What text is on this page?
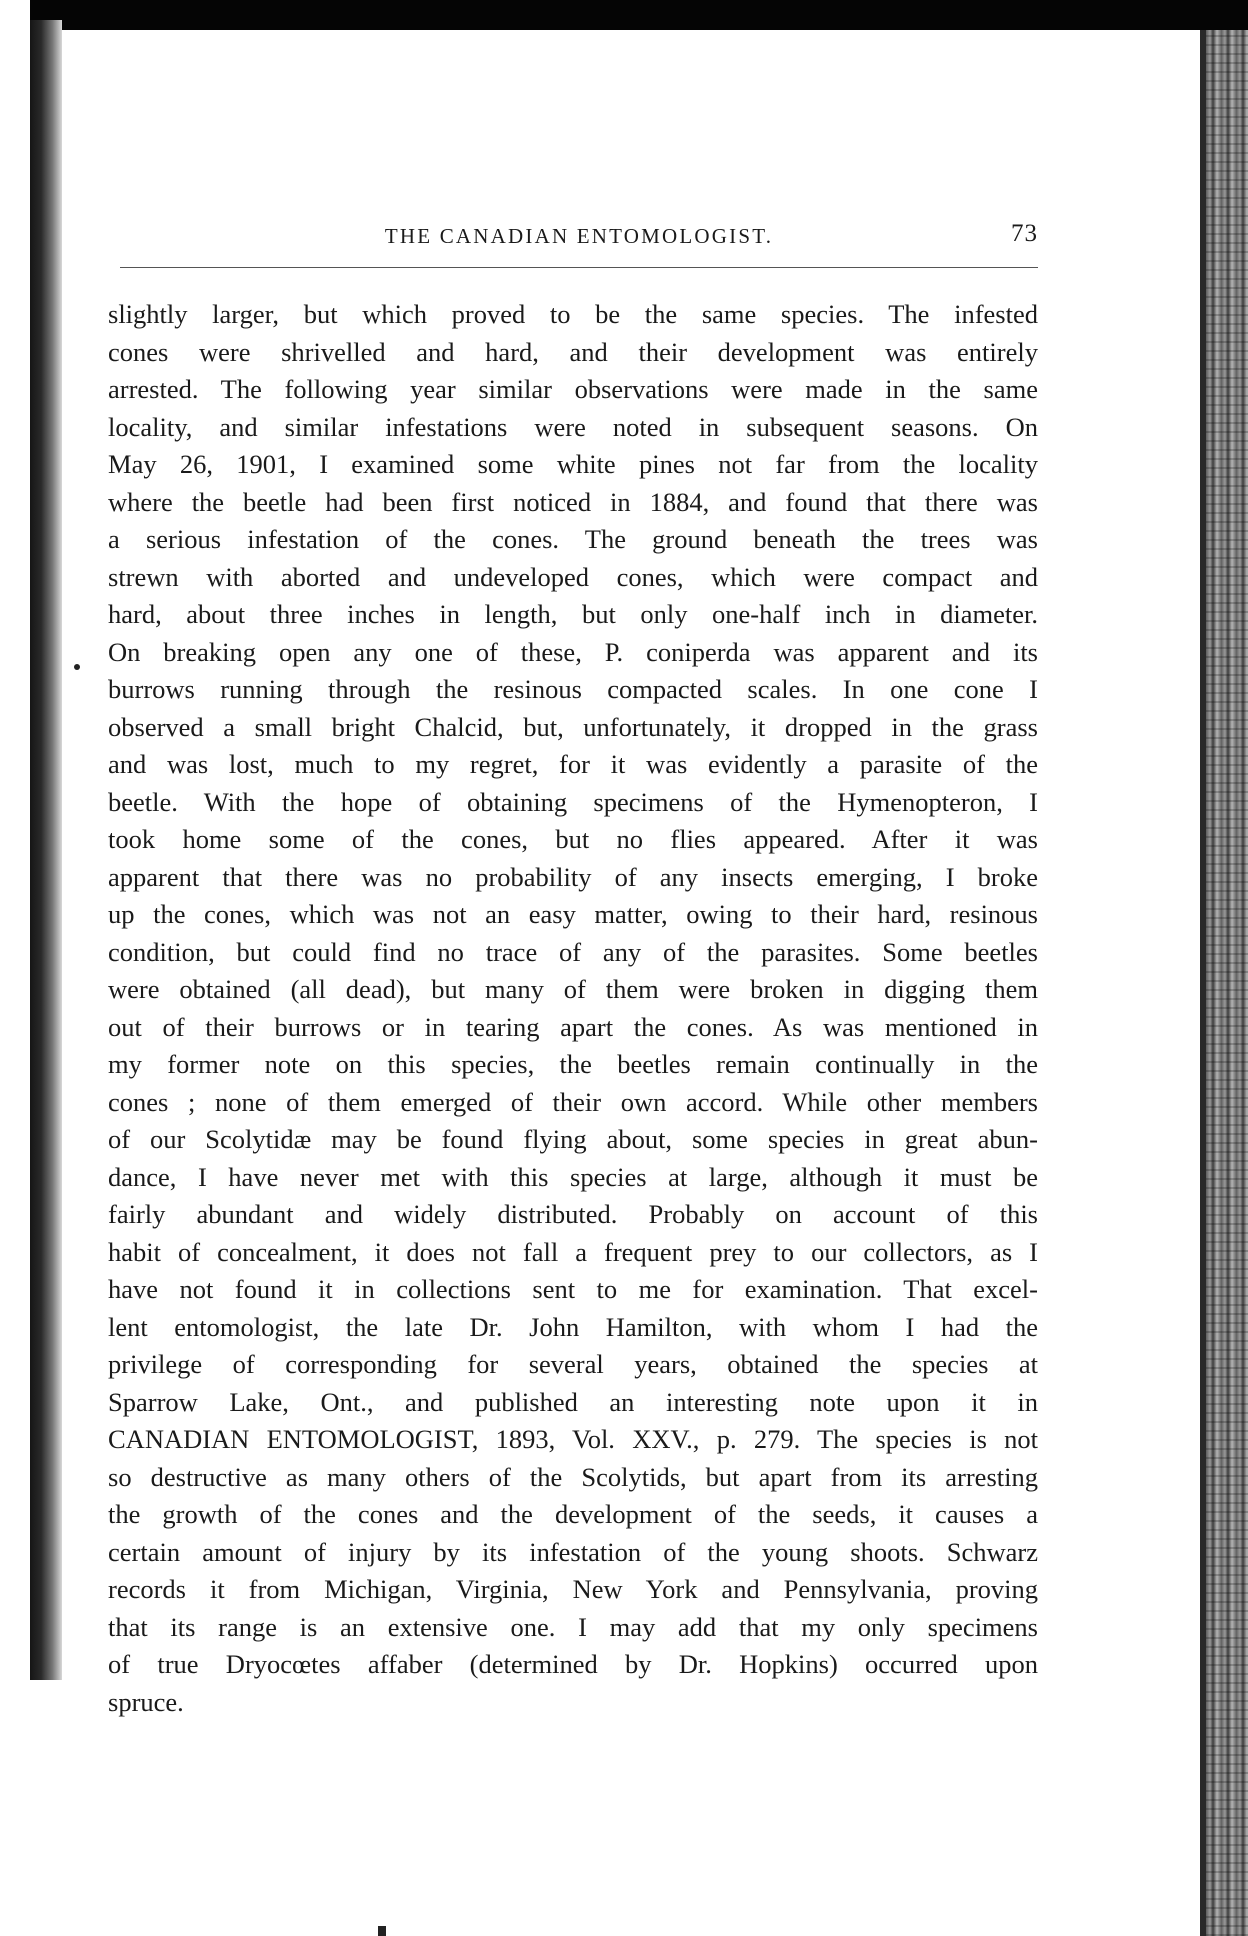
THE CANADIAN ENTOMOLOGIST.	73
slightly larger, but which proved to be the same species. The infested
cones were shrivelled and hard, and their development was entirely
arrested. The following year similar observations were made in the same
locality, and similar infestations were noted in subsequent seasons. On
May 26, 1901, I examined some white pines not far from the locality
where the beetle had been first noticed in 1884, and found that there was
a serious infestation of the cones. The ground beneath the trees was
strewn with aborted and undeveloped cones, which were compact and
hard, about three inches in length, but only one-half inch in diameter.
On breaking open any one of these, P. coniperda was apparent and its
burrows running through the resinous compacted scales. In one cone I
observed a small bright Chalcid, but, unfortunately, it dropped in the grass
and was lost, much to my regret, for it was evidently a parasite of the
beetle. With the hope of obtaining specimens of the Hymenopteron, I
took home some of the cones, but no flies appeared. After it was
apparent that there was no probability of any insects emerging, I broke
up the cones, which was not an easy matter, owing to their hard, resinous
condition, but could find no trace of any of the parasites. Some beetles
were obtained (all dead), but many of them were broken in digging them
out of their burrows or in tearing apart the cones. As was mentioned in
my former note on this species, the beetles remain continually in the
cones ; none of them emerged of their own accord. While other members
of our Scolytidæ may be found flying about, some species in great abun-
dance, I have never met with this species at large, although it must be
fairly abundant and widely distributed. Probably on account of this
habit of concealment, it does not fall a frequent prey to our collectors, as I
have not found it in collections sent to me for examination. That excel-
lent entomologist, the late Dr. John Hamilton, with whom I had the
privilege of corresponding for several years, obtained the species at
Sparrow Lake, Ont., and published an interesting note upon it in
CANADIAN ENTOMOLOGIST, 1893, Vol. XXV., p. 279. The species is not
so destructive as many others of the Scolytids, but apart from its arresting
the growth of the cones and the development of the seeds, it causes a
certain amount of injury by its infestation of the young shoots. Schwarz
records it from Michigan, Virginia, New York and Pennsylvania, proving
that its range is an extensive one. I may add that my only specimens
of true Dryocœtes affaber (determined by Dr. Hopkins) occurred upon
spruce.
